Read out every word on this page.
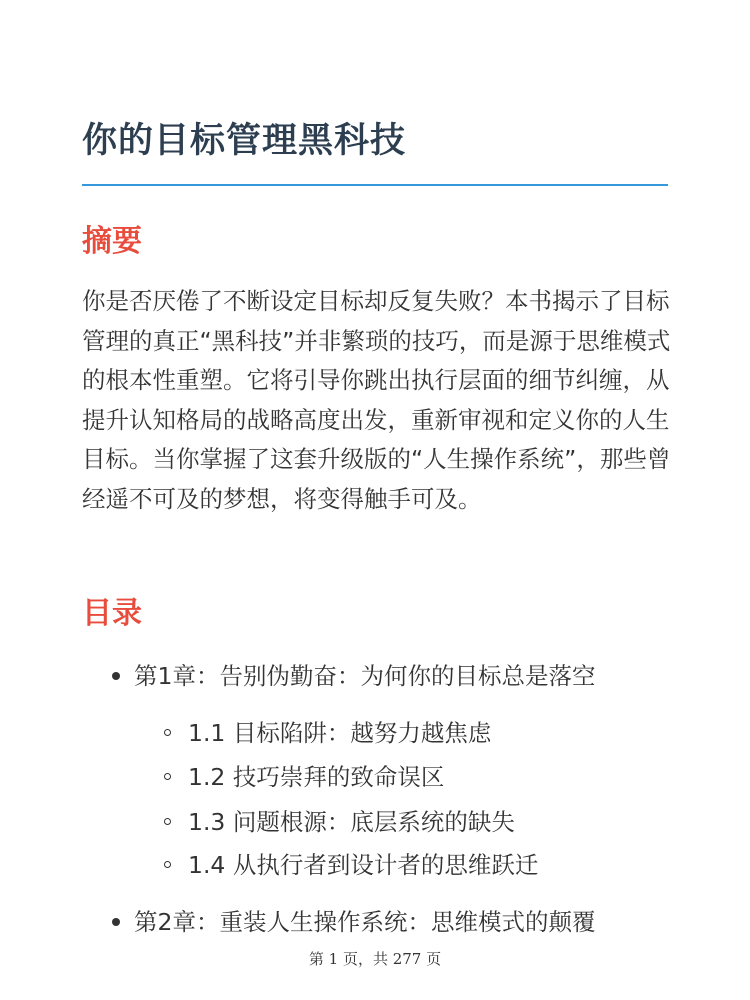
你的目标管理黑科技
摘要

你是否厌倦了不断设定目标却反复失败？本书揭示了目标管理的真正“黑科技”并非繁琐的技巧，而是源于思维模式的根本性重塑。它将引导你跳出执行层面的细节纠缠，从提升认知格局的战略高度出发，重新审视和定义你的人生目标。当你掌握了这套升级版的“人生操作系统”，那些曾经遥不可及的梦想，将变得触手可及。

目录
第1章：告别伪勤奋：为何你的目标总是落空
1.1 目标陷阱：越努力越焦虑
1.2 技巧崇拜的致命误区
1.3 问题根源：底层系统的缺失
1.4 从执行者到设计者的思维跃迁
第2章：重装人生操作系统：思维模式的颠覆
第 1 页，共 277 页
